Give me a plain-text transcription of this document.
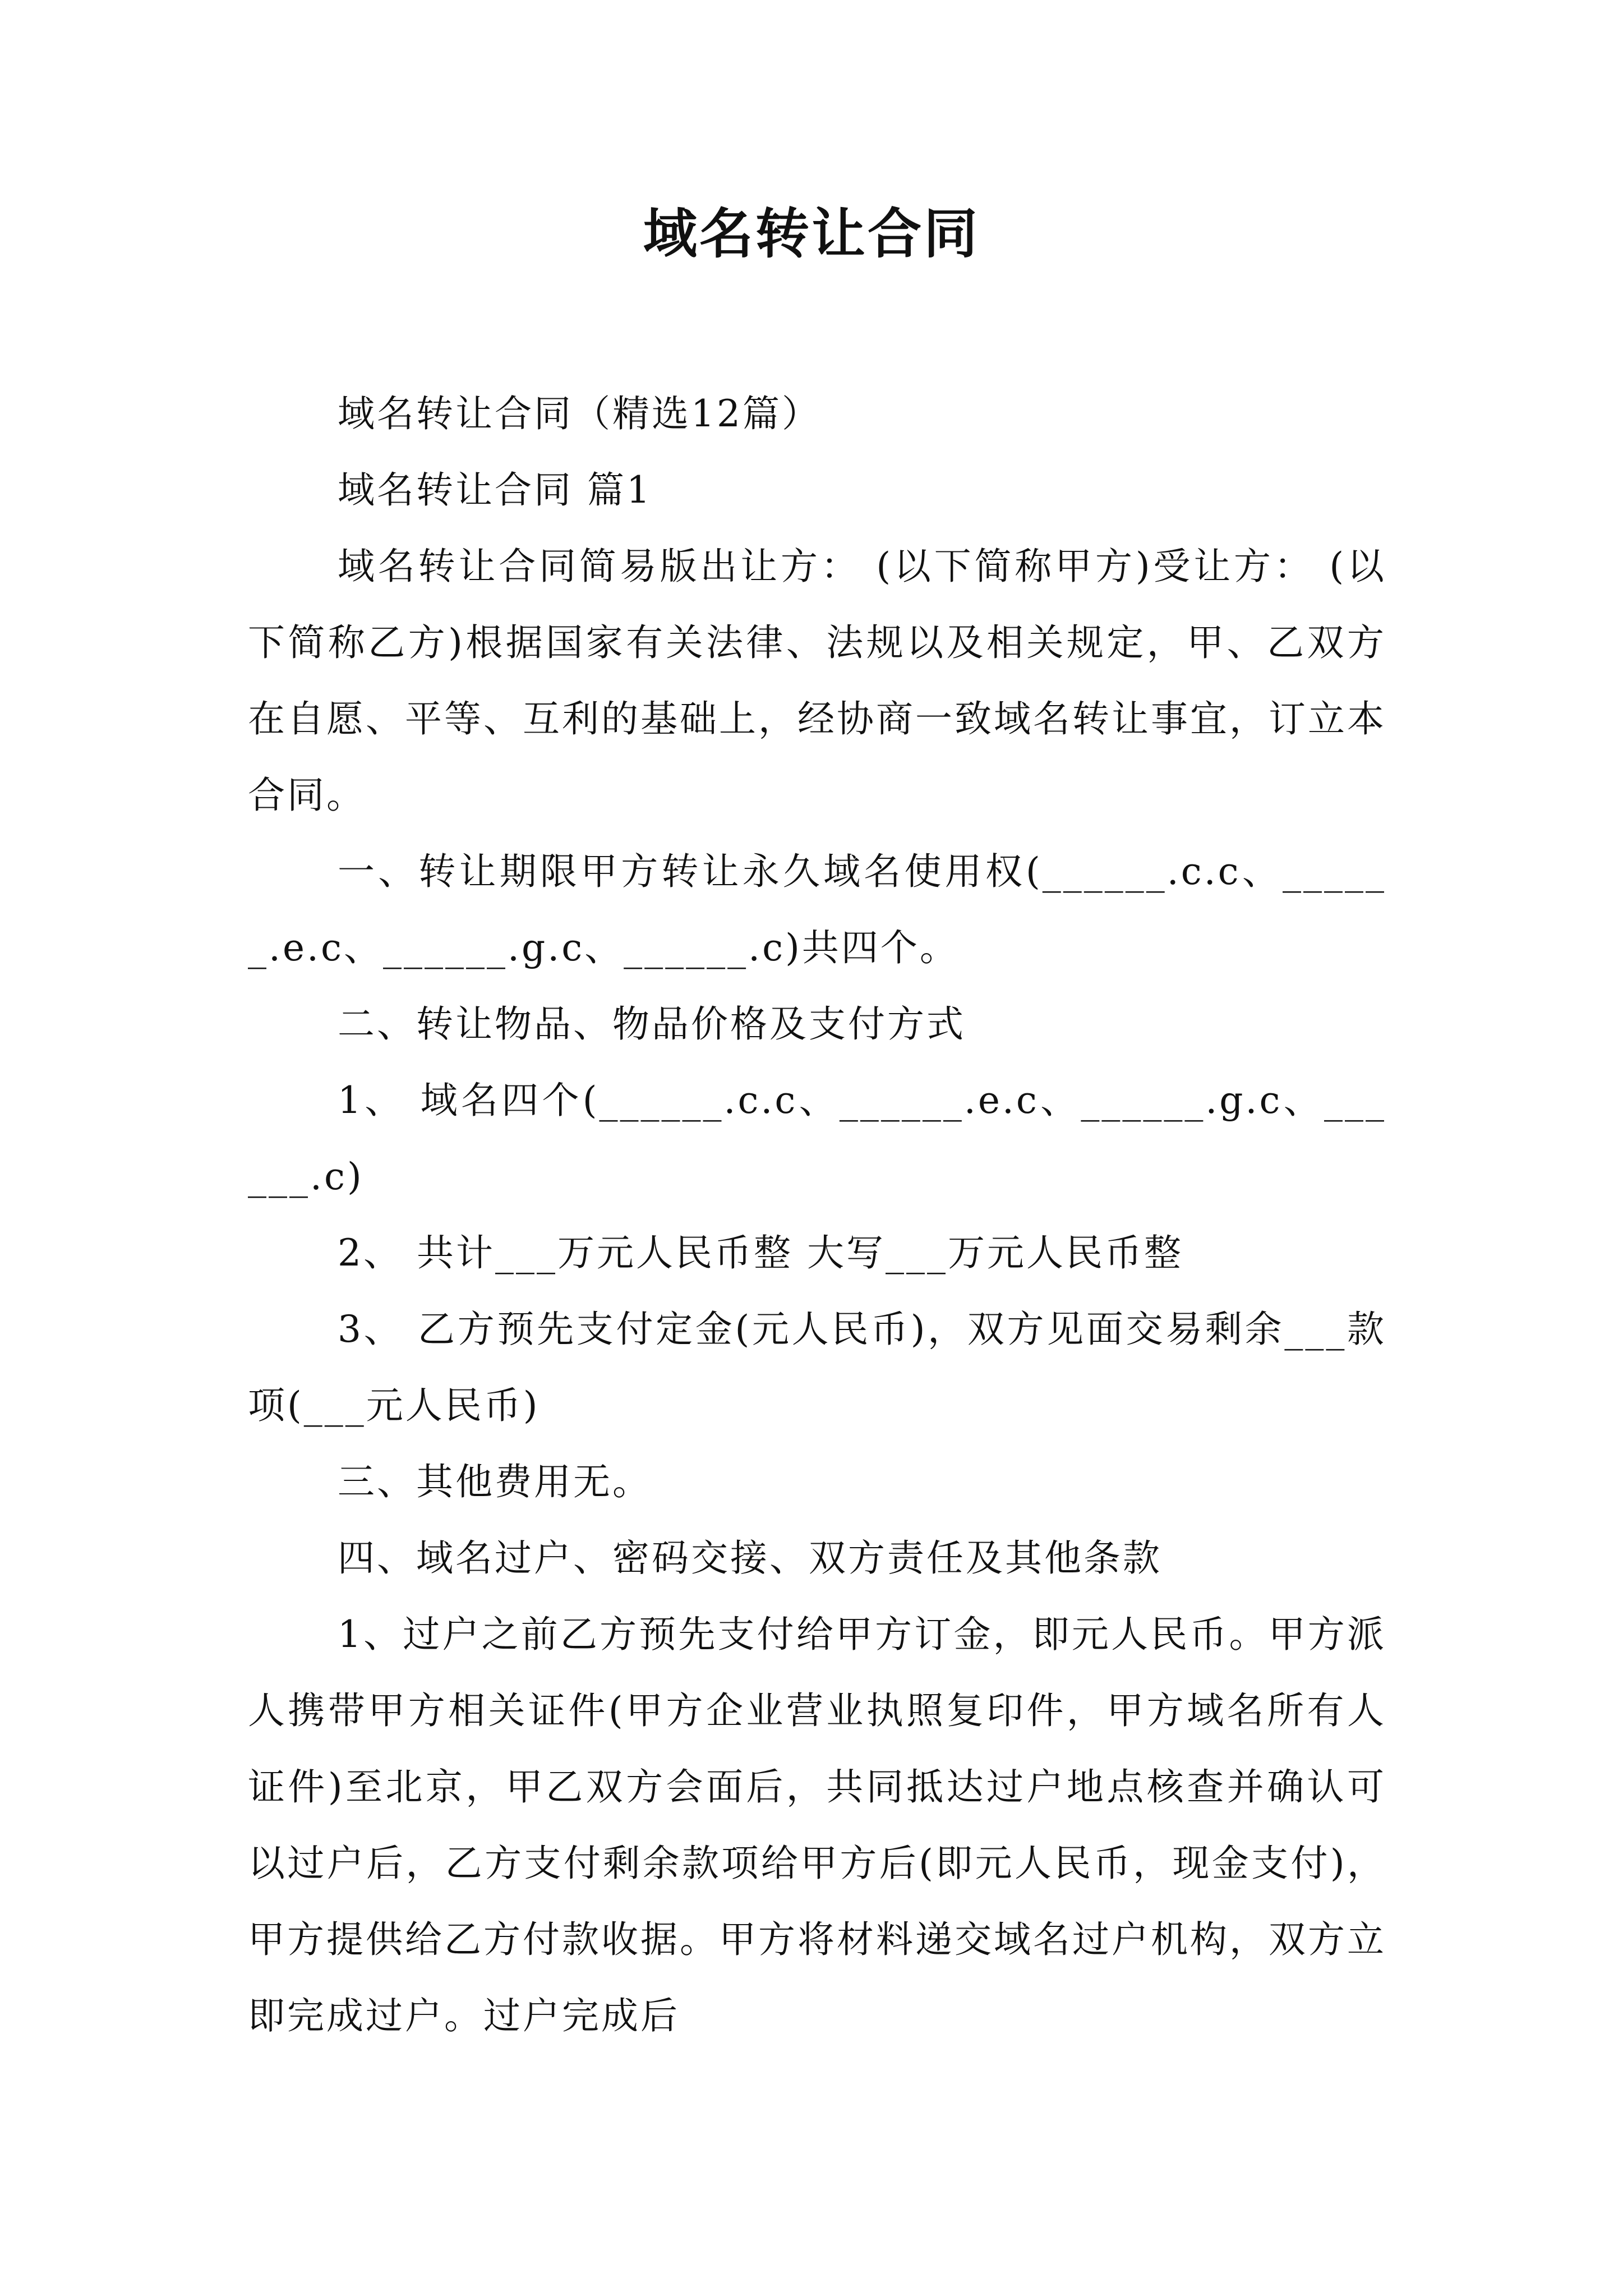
域名转让合同

域名转让合同（精选12篇）

域名转让合同 篇1

域名转让合同简易版出让方： (以下简称甲方)受让方： (以下简称乙方)根据国家有关法律、法规以及相关规定，甲、乙双方在自愿、平等、互利的基础上，经协商一致域名转让事宜，订立本合同。

一、转让期限甲方转让永久域名使用权(______.c.c、______.e.c、______.g.c、______.c)共四个。

二、转让物品、物品价格及支付方式

1、 域名四个(______.c.c、______.e.c、______.g.c、______.c)

2、 共计___万元人民币整 大写___万元人民币整

3、 乙方预先支付定金(元人民币)，双方见面交易剩余___款项(___元人民币)

三、其他费用无。

四、域名过户、密码交接、双方责任及其他条款

1、过户之前乙方预先支付给甲方订金，即元人民币。甲方派人携带甲方相关证件(甲方企业营业执照复印件，甲方域名所有人证件)至北京，甲乙双方会面后，共同抵达过户地点核查并确认可以过户后，乙方支付剩余款项给甲方后(即元人民币，现金支付)，甲方提供给乙方付款收据。甲方将材料递交域名过户机构，双方立即完成过户。过户完成后
